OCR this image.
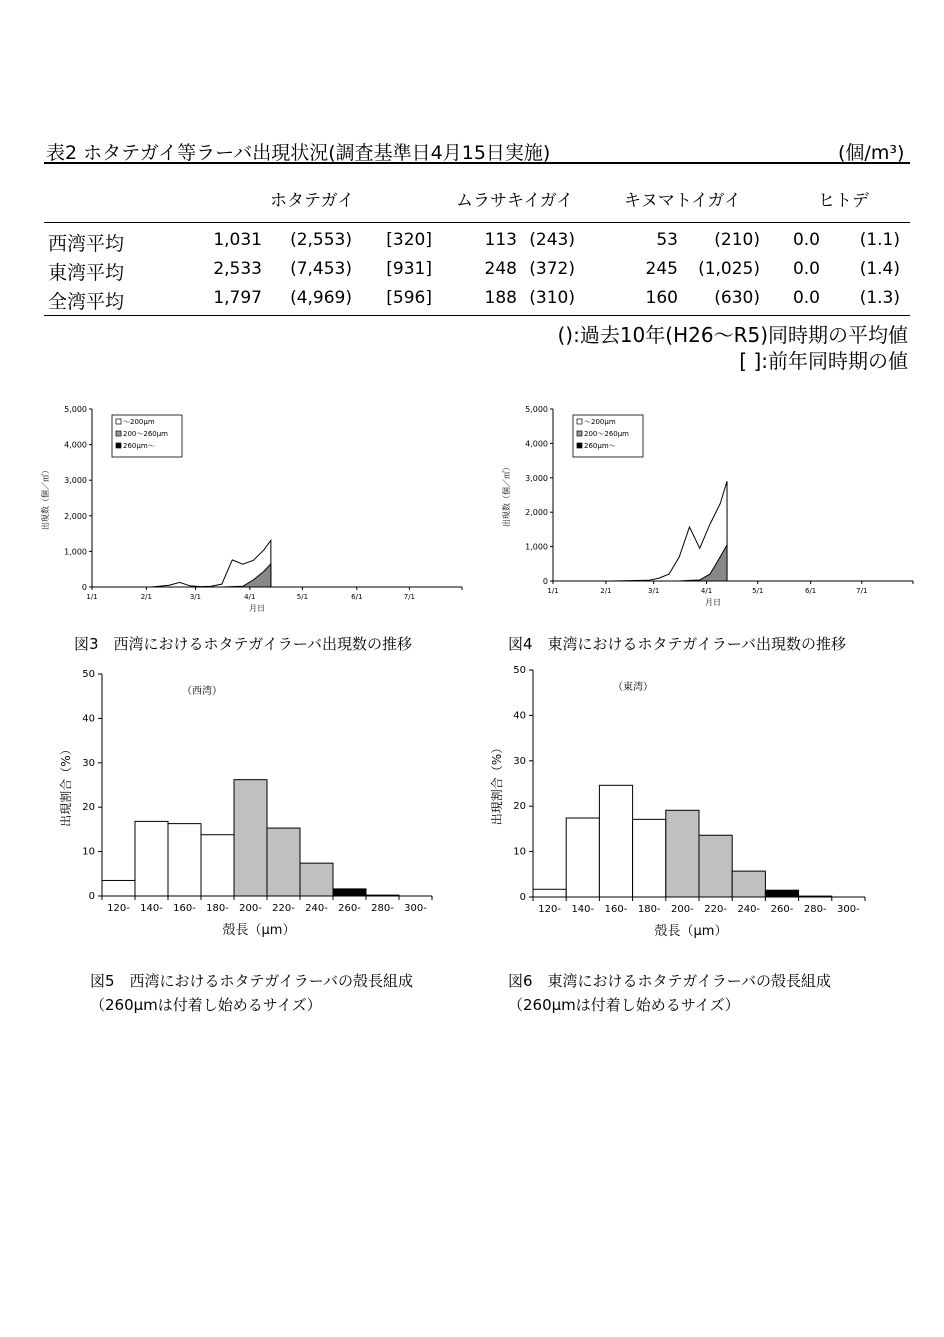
表2 ホタテガイ等ラーバ出現状況(調査基準日4月15日実施)	(個/m³)
ホタテガイ	ムラサキイガイ	キヌマトイガイ	ヒトデ
西湾平均	1,031 (2,553) [320]	113 (243)	53 (210) 0.0 (1.1)
東湾平均	2,533 (7,453) [931]	248 (372)	245 (1,025) 0.0 (1.4)
全湾平均	1,797 (4,969) [596]	188 (310)	160 (630) 0.0 (1.3)
():過去10年(H26〜R5)同時期の平均値
[ ]:前年同時期の値
0
1,000
2,000
3,000
4,000
5,000
1/1	2/1	3/1	4/1	5/1	6/1	7/1
月日
出現数（個／㎥）
〜200μm
200〜260μm
260μm〜
0
1,000
2,000
3,000
4,000
5,000
1/1	2/1	3/1	4/1	5/1	6/1	7/1
月日
出現数（個／㎥）
〜200μm
200〜260μm
260μm〜
図3　西湾におけるホタテガイラーバ出現数の推移	図4　東湾におけるホタテガイラーバ出現数の推移
0
10
20
30
40
50
120- 140- 160- 180- 200- 220- 240- 260- 280- 300-
（西湾）
殻長（μm）
出現割合（%）
0
10
20
30
40
50
120- 140- 160- 180- 200- 220- 240- 260- 280- 300-
（東湾）
殻長（μm）
出現割合（%）
図5　西湾におけるホタテガイラーバの殻長組成
（260μmは付着し始めるサイズ）
図6　東湾におけるホタテガイラーバの殻長組成
（260μmは付着し始めるサイズ）
